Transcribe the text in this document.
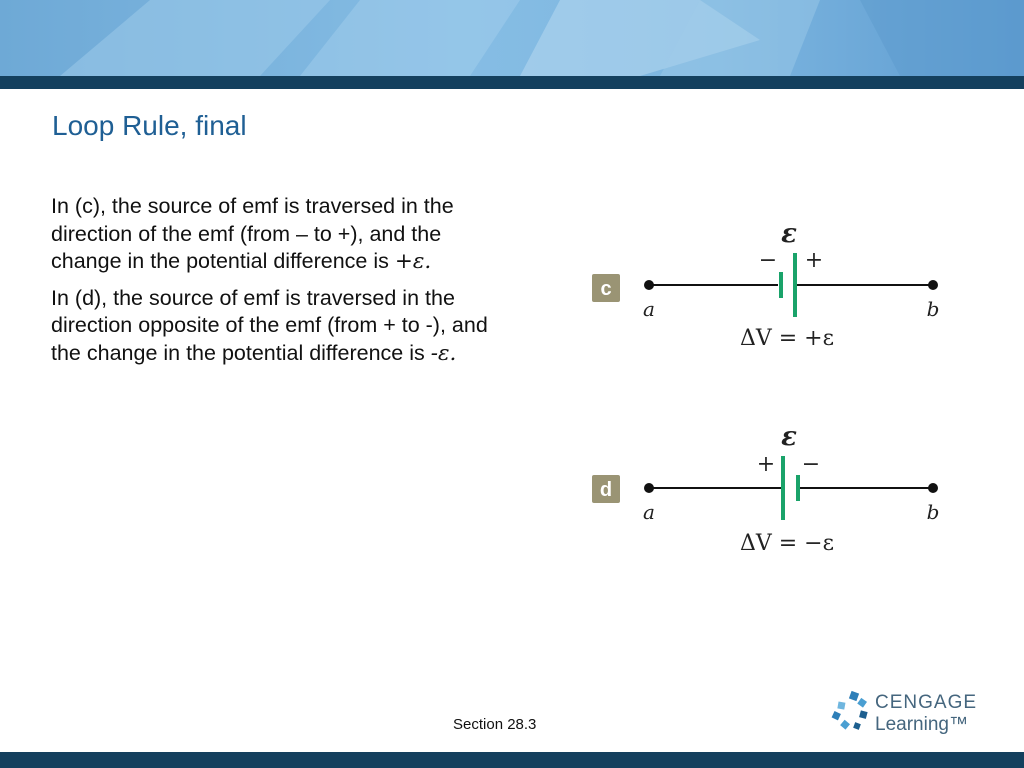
Loop Rule, final

In (c), the source of emf is traversed in the direction of the emf (from – to +), and the change in the potential difference is +ε.

In (d), the source of emf is traversed in the direction opposite of the emf (from + to -), and the change in the potential difference is -ε.

c
ε
− +
a	b
ΔV = +ε
d
ε
+ −
a	b
ΔV = −ε
Section 28.3
CENGAGE
Learning™
